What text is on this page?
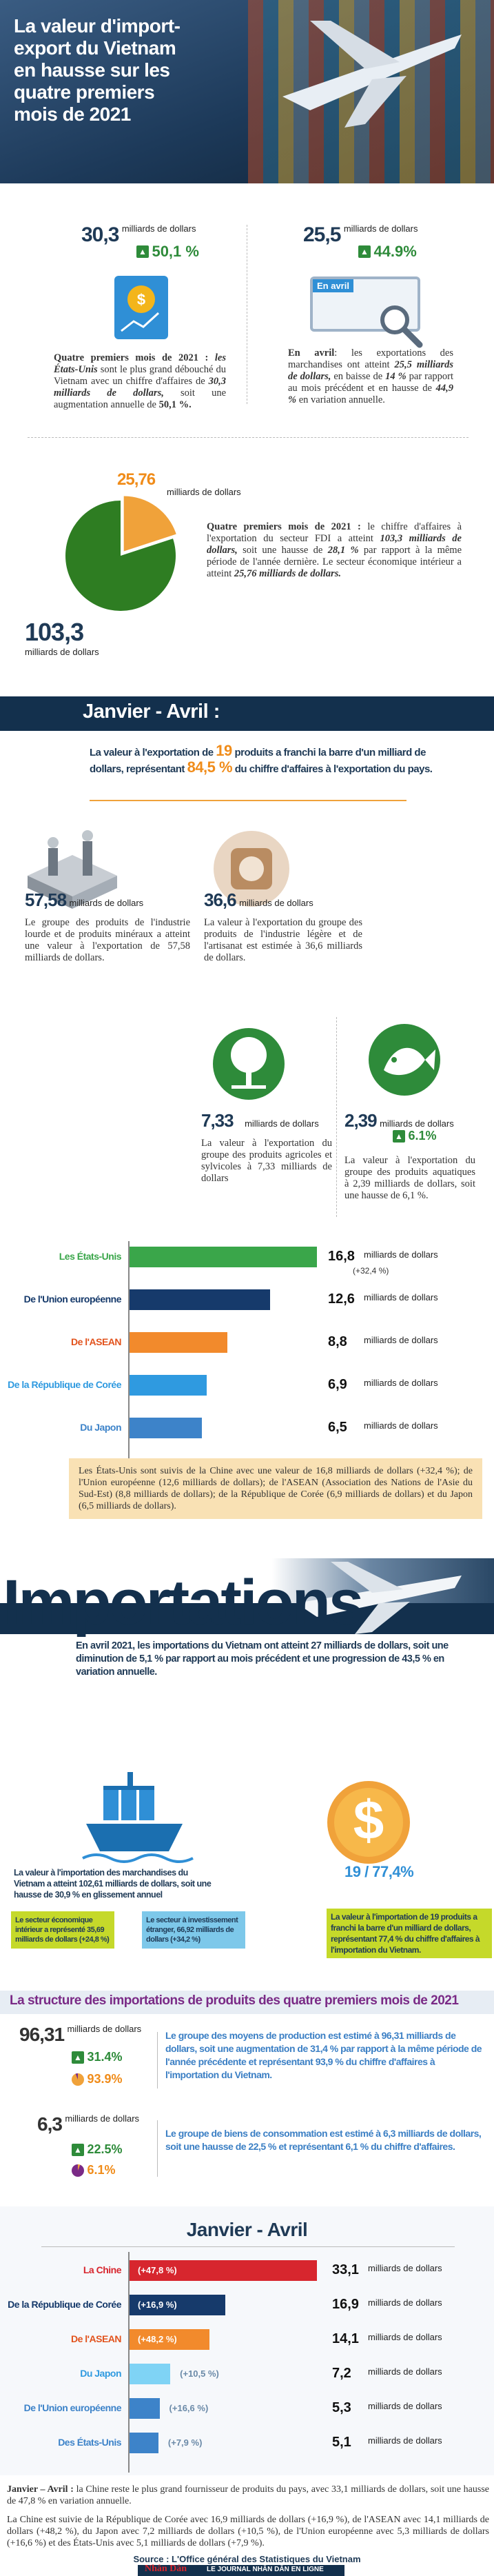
La valeur d'import-export du Vietnam en hausse sur les quatre premiers mois de 2021
30,3 $^{milliards de dollars}$
▲ 50,1 %
$

Quatre premiers mois de 2021 : les États-Unis sont le plus grand débouché du Vietnam avec un chiffre d'affaires de 30,3 milliards de dollars, soit une augmentation annuelle de 50,1 %.

25,5 $^{milliards de dollars}$
▲ 44.9%
En avril

En avril: les exportations des marchandises ont atteint 25,5 milliards de dollars, en baisse de 14 % par rapport au mois précédent et en hausse de 44,9 % en variation annuelle.

25,76
milliards de dollars
103,3
milliards de dollars

Quatre premiers mois de 2021 : le chiffre d'affaires à l'exportation du secteur FDI a atteint 103,3 milliards de dollars, soit une hausse de 28,1 % par rapport à la même période de l'année dernière. Le secteur économique intérieur a atteint 25,76 milliards de dollars.

Janvier - Avril :

La valeur à l'exportation de 19 produits a franchi la barre d'un milliard de dollars, représentant 84,5 % du chiffre d'affaires à l'exportation du pays.

57,58 milliards de dollars

Le groupe des produits de l'industrie lourde et de produits minéraux a atteint une valeur à l'exportation de 57,58 milliards de dollars.

36,6 milliards de dollars

La valeur à l'exportation du groupe des produits de l'industrie légère et de l'artisanat est estimée à 36,6 milliards de dollars.

7,33 milliards de dollars

La valeur à l'exportation du groupe des produits agricoles et sylvicoles à 7,33 milliards de dollars

2,39 milliards de dollars
▲ 6.1%

La valeur à l'exportation du groupe des produits aquatiques à 2,39 milliards de dollars, soit une hausse de 6,1 %.

Les États-Unis	16,8 milliards de dollars
(+32,4 %)
De l'Union européenne	12,6 milliards de dollars
De l'ASEAN	8,8 milliards de dollars
De la République de Corée	6,9 milliards de dollars
Du Japon	6,5 milliards de dollars
Les États-Unis sont suivis de la Chine avec une valeur de 16,8 milliards de dollars (+32,4 %); de l'Union européenne (12,6 milliards de dollars); de l'ASEAN (Association des Nations de l'Asie du Sud-Est) (8,8 milliards de dollars); de la République de Corée (6,9 milliards de dollars) et du Japon (6,5 milliards de dollars).
Importations

En avril 2021, les importations du Vietnam ont atteint 27 milliards de dollars, soit une diminution de 5,1 % par rapport au mois précédent et une progression de 43,5 % en variation annuelle.

La valeur à l'importation des marchandises du Vietnam a atteint 102,61 milliards de dollars, soit une hausse de 30,9 % en glissement annuel

$
19 / 77,4%
Le secteur économique intérieur a représenté 35,69 milliards de dollars (+24,8 %)
Le secteur à investissement étranger, 66,92 milliards de dollars (+34,2 %)
La valeur à l'importation de 19 produits a franchi la barre d'un milliard de dollars, représentant 77,4 % du chiffre d'affaires à l'importation du Vietnam.
La structure des importations de produits des quatre premiers mois de 2021
96,31 $^{milliards de dollars}$
▲ 31.4%
93.9%

Le groupe des moyens de production est estimé à 96,31 milliards de dollars, soit une augmentation de 31,4 % par rapport à la même période de l'année précédente et représentant 93,9 % du chiffre d'affaires à l'importation du Vietnam.

6,3 $^{milliards de dollars}$
▲ 22.5%
6.1%

Le groupe de biens de consommation est estimé à 6,3 milliards de dollars, soit une hausse de 22,5 % et représentant 6,1 % du chiffre d'affaires.

Janvier - Avril
La Chine (+47,8 %)	33,1 milliards de dollars
De la République de Corée (+16,9 %)	16,9 milliards de dollars
De l'ASEAN (+48,2 %)	14,1 milliards de dollars
Du Japon	(+10,5 %)	7,2 milliards de dollars
De l'Union européenne	(+16,6 %)	5,3 milliards de dollars
Des États-Unis	(+7,9 %)	5,1 milliards de dollars

Janvier – Avril : la Chine reste le plus grand fournisseur de produits du pays, avec 33,1 milliards de dollars, soit une hausse de 47,8 % en variation annuelle.

La Chine est suivie de la République de Corée avec 16,9 milliards de dollars (+16,9 %), de l'ASEAN avec 14,1 milliards de dollars (+48,2 %), du Japon avec 7,2 milliards de dollars (+10,5 %), de l'Union européenne avec 5,3 milliards de dollars (+16,6 %) et des États-Unis avec 5,1 milliards de dollars (+7,9 %).

Source : L'Office général des Statistiques du Vietnam
Nhân Dân	LE JOURNAL NHÂN DÂN EN LIGNE
